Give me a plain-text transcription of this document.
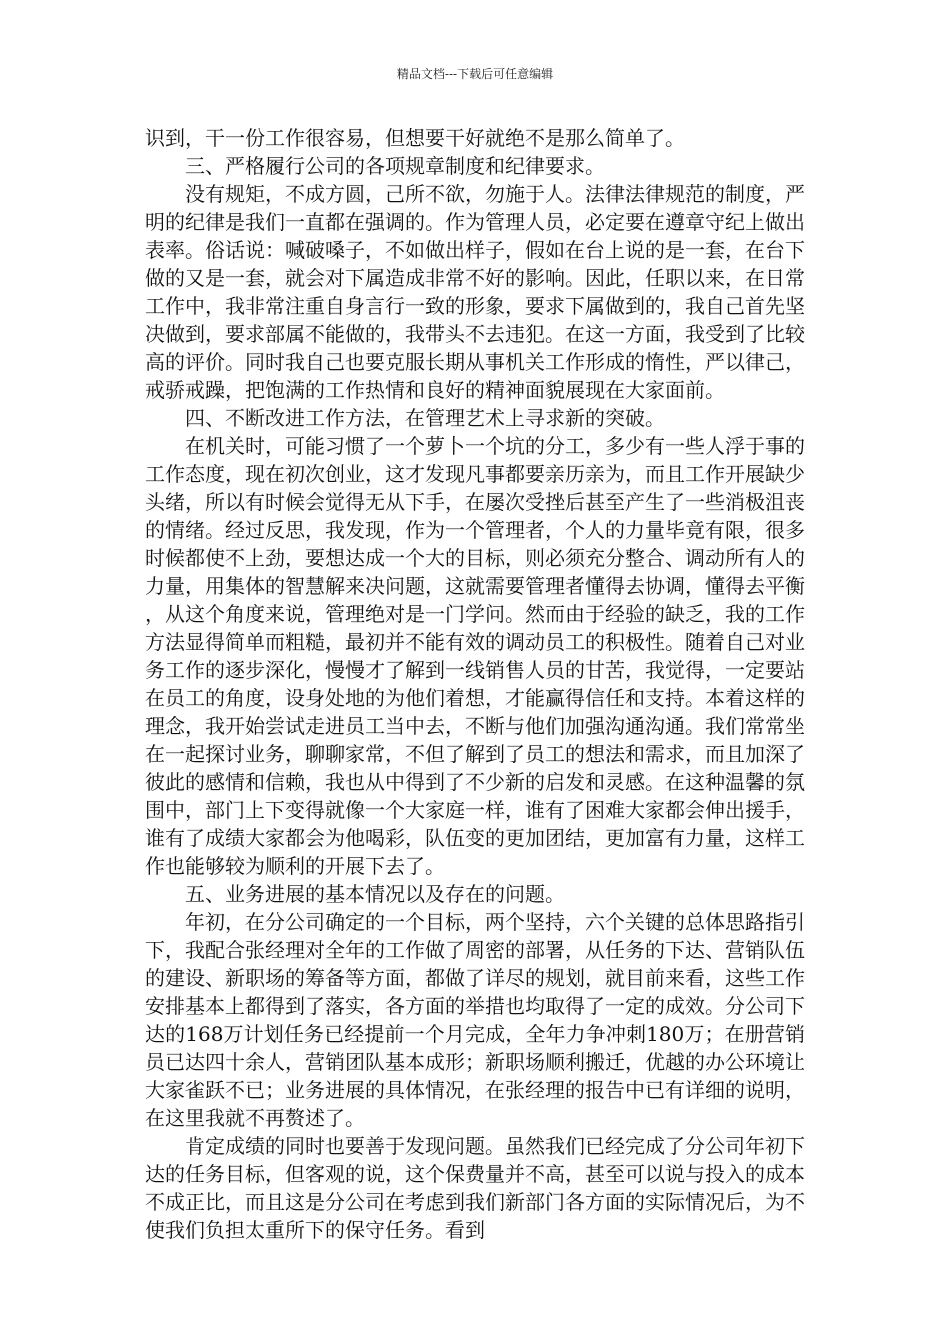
精品文档---下载后可任意编辑

识到，干一份工作很容易，但想要干好就绝不是那么简单了。

三、严格履行公司的各项规章制度和纪律要求。

没有规矩，不成方圆，己所不欲，勿施于人。法律法律规范的制度，严明的纪律是我们一直都在强调的。作为管理人员，必定要在遵章守纪上做出表率。俗话说：喊破嗓子，不如做出样子，假如在台上说的是一套，在台下做的又是一套，就会对下属造成非常不好的影响。因此，任职以来，在日常工作中，我非常注重自身言行一致的形象，要求下属做到的，我自己首先坚决做到，要求部属不能做的，我带头不去违犯。在这一方面，我受到了比较高的评价。同时我自己也要克服长期从事机关工作形成的惰性，严以律己，戒骄戒躁，把饱满的工作热情和良好的精神面貌展现在大家面前。

四、不断改进工作方法，在管理艺术上寻求新的突破。

在机关时，可能习惯了一个萝卜一个坑的分工，多少有一些人浮于事的工作态度，现在初次创业，这才发现凡事都要亲历亲为，而且工作开展缺少头绪，所以有时候会觉得无从下手，在屡次受挫后甚至产生了一些消极沮丧的情绪。经过反思，我发现，作为一个管理者，个人的力量毕竟有限，很多时候都使不上劲，要想达成一个大的目标，则必须充分整合、调动所有人的力量，用集体的智慧解来决问题，这就需要管理者懂得去协调，懂得去平衡，从这个角度来说，管理绝对是一门学问。然而由于经验的缺乏，我的工作方法显得简单而粗糙，最初并不能有效的调动员工的积极性。随着自己对业务工作的逐步深化，慢慢才了解到一线销售人员的甘苦，我觉得，一定要站在员工的角度，设身处地的为他们着想，才能赢得信任和支持。本着这样的理念，我开始尝试走进员工当中去，不断与他们加强沟通沟通。我们常常坐在一起探讨业务，聊聊家常，不但了解到了员工的想法和需求，而且加深了彼此的感情和信赖，我也从中得到了不少新的启发和灵感。在这种温馨的氛围中，部门上下变得就像一个大家庭一样，谁有了困难大家都会伸出援手，谁有了成绩大家都会为他喝彩，队伍变的更加团结，更加富有力量，这样工作也能够较为顺利的开展下去了。

五、业务进展的基本情况以及存在的问题。

年初，在分公司确定的一个目标，两个坚持，六个关键的总体思路指引下，我配合张经理对全年的工作做了周密的部署，从任务的下达、营销队伍的建设、新职场的筹备等方面，都做了详尽的规划，就目前来看，这些工作安排基本上都得到了落实，各方面的举措也均取得了一定的成效。分公司下达的168万计划任务已经提前一个月完成，全年力争冲刺180万；在册营销员已达四十余人，营销团队基本成形；新职场顺利搬迁，优越的办公环境让大家雀跃不已；业务进展的具体情况，在张经理的报告中已有详细的说明，在这里我就不再赘述了。

肯定成绩的同时也要善于发现问题。虽然我们已经完成了分公司年初下达的任务目标，但客观的说，这个保费量并不高，甚至可以说与投入的成本不成正比，而且这是分公司在考虑到我们新部门各方面的实际情况后，为不使我们负担太重所下的保守任务。看到
